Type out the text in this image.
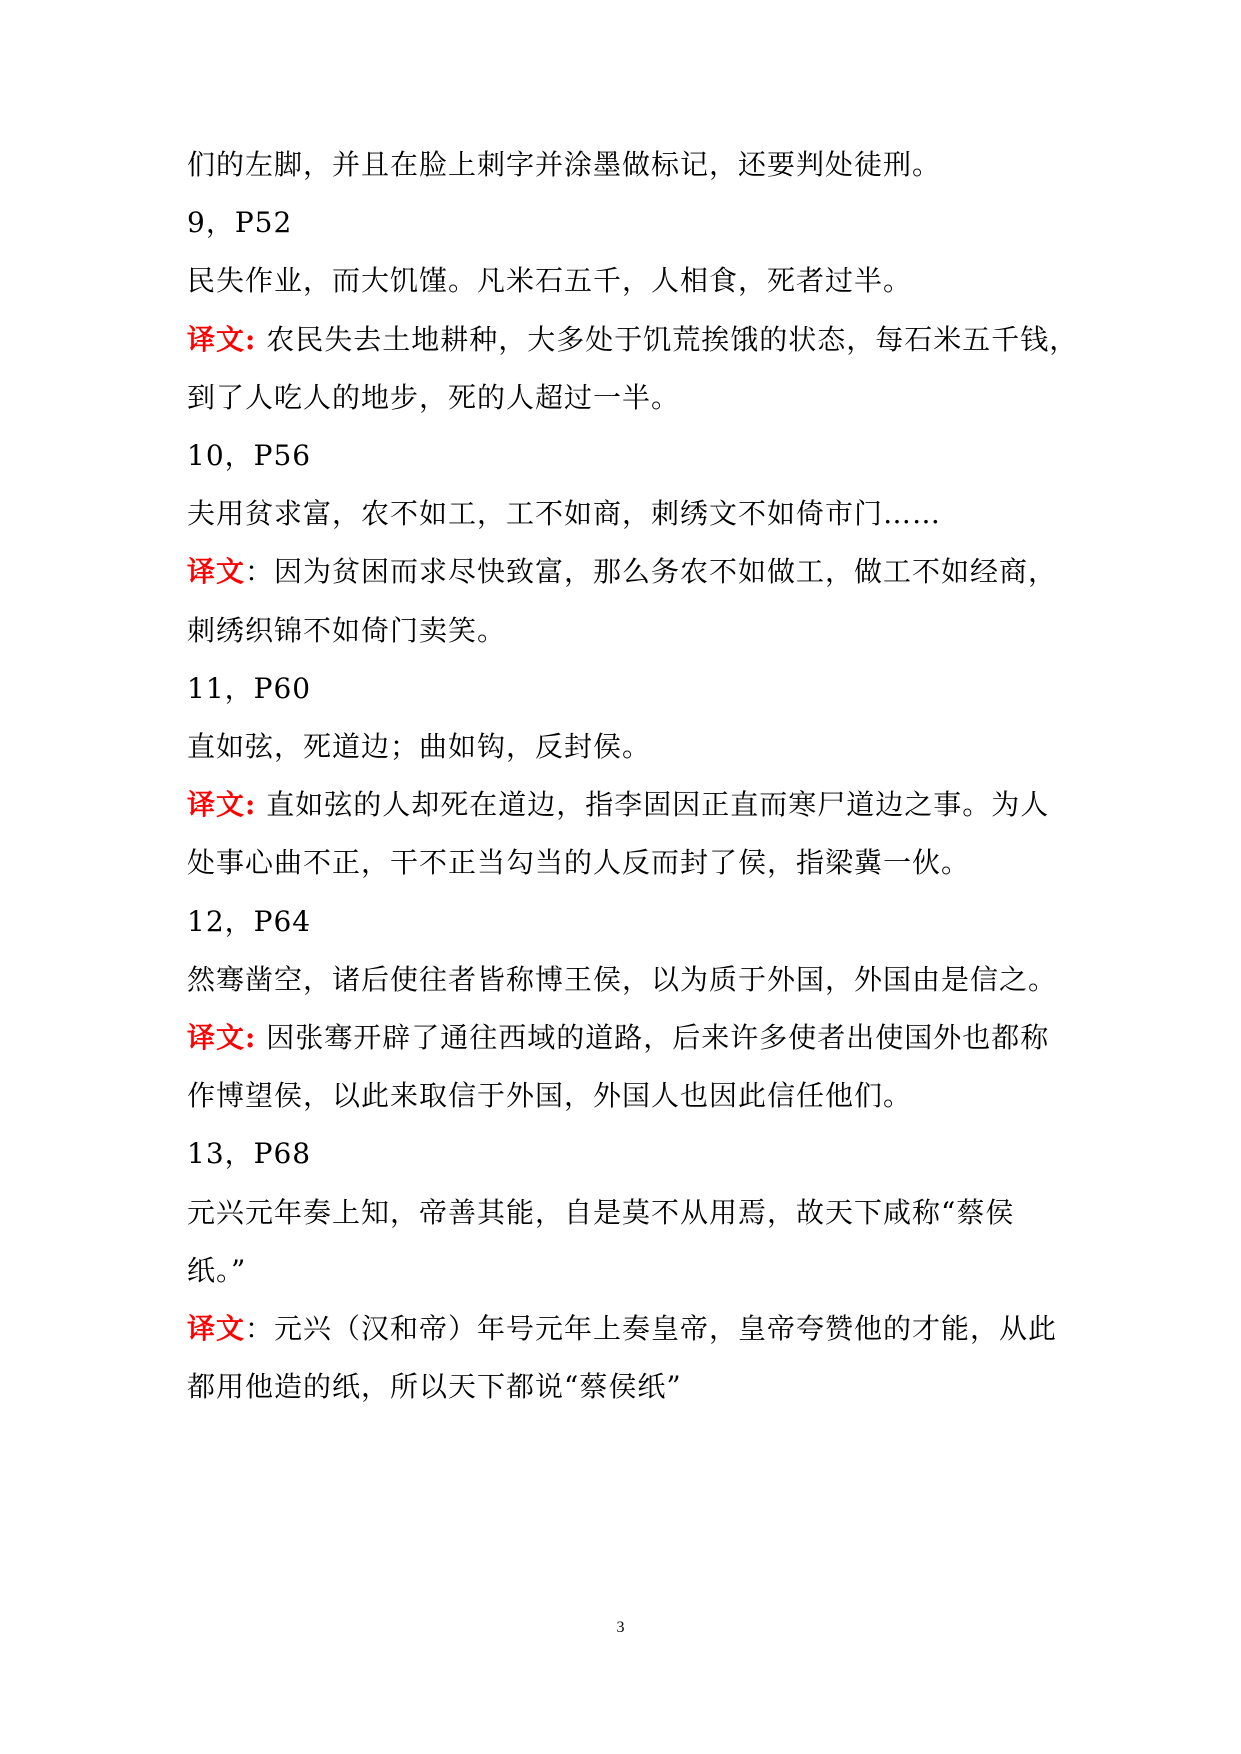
们的左脚，并且在脸上刺字并涂墨做标记，还要判处徒刑。
9，P52
民失作业，而大饥馑。凡米石五千，人相食，死者过半。
译文: 农民失去土地耕种，大多处于饥荒挨饿的状态，每石米五千钱，
到了人吃人的地步，死的人超过一半。
10，P56
夫用贫求富，农不如工，工不如商，刺绣文不如倚市门……
译文：因为贫困而求尽快致富，那么务农不如做工，做工不如经商，
刺绣织锦不如倚门卖笑。
11，P60
直如弦，死道边；曲如钩，反封侯。
译文: 直如弦的人却死在道边，指李固因正直而寒尸道边之事。为人
处事心曲不正，干不正当勾当的人反而封了侯，指梁冀一伙。
12，P64
然骞凿空，诸后使往者皆称博王侯，以为质于外国，外国由是信之。
译文: 因张骞开辟了通往西域的道路，后来许多使者出使国外也都称
作博望侯，以此来取信于外国，外国人也因此信任他们。
13，P68
元兴元年奏上知，帝善其能，自是莫不从用焉，故天下咸称“蔡侯
纸。”
译文：元兴（汉和帝）年号元年上奏皇帝，皇帝夸赞他的才能，从此
都用他造的纸，所以天下都说“蔡侯纸”
3
